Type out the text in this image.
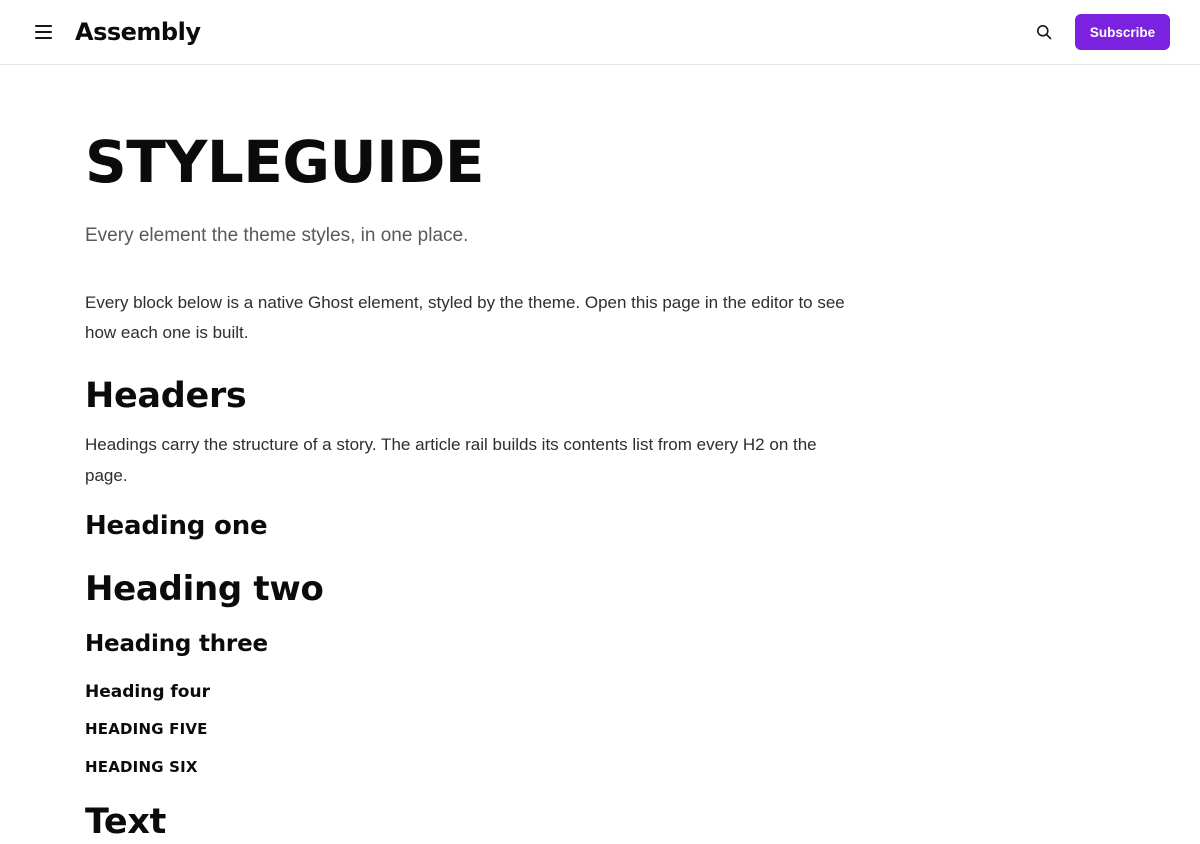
Assembly	Subscribe
STYLEGUIDE

Every element the theme styles, in one place.

Every block below is a native Ghost element, styled by the theme. Open this page in the editor to see how each one is built.

Headers

Headings carry the structure of a story. The article rail builds its contents list from every H2 on the page.

Heading one
Heading two
Heading three
Heading four
HEADING FIVE
HEADING SIX
Text
